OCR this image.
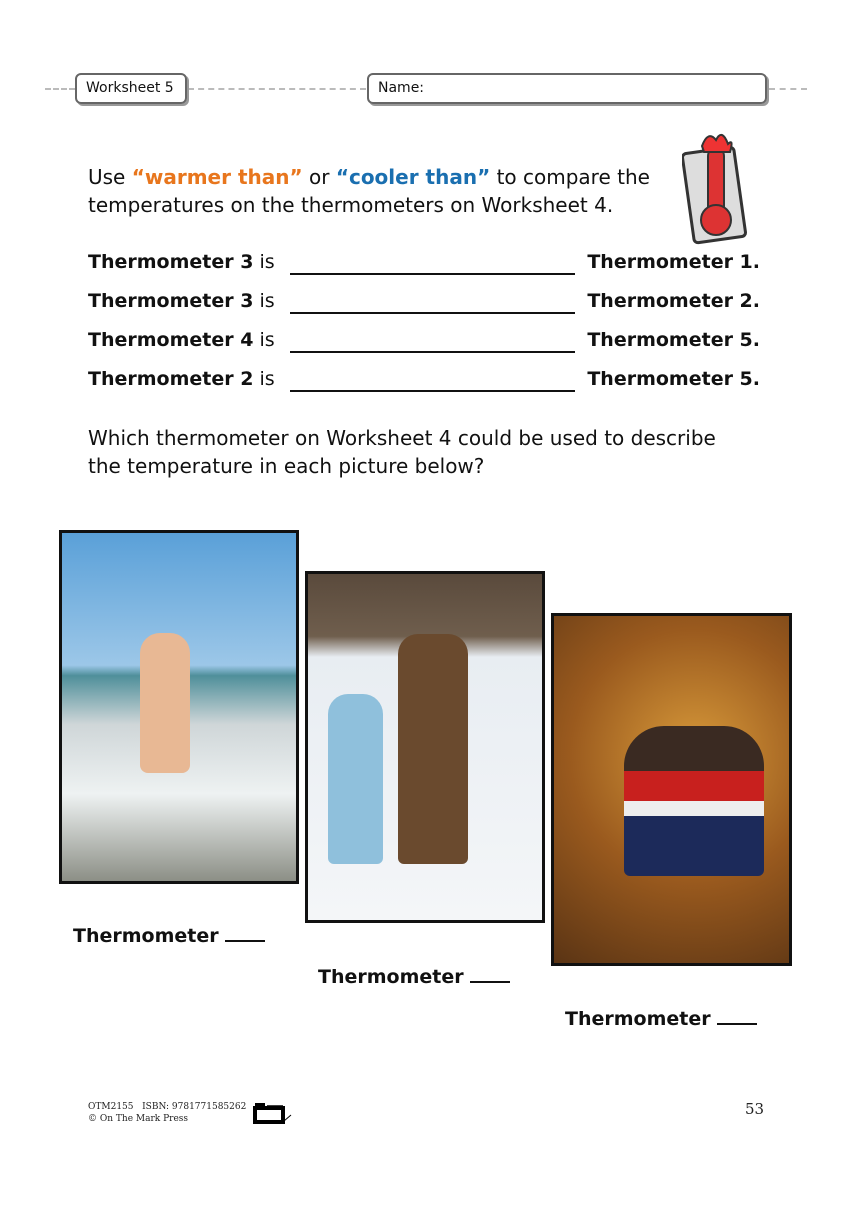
Worksheet 5	Name:
Use “warmer than” or “cooler than” to compare the
temperatures on the thermometers on Worksheet 4.
Thermometer 3 is	Thermometer 1.
Thermometer 3 is	Thermometer 2.
Thermometer 4 is	Thermometer 5.
Thermometer 2 is	Thermometer 5.
Which thermometer on Worksheet 4 could be used to describe
the temperature in each picture below?
Thermometer
Thermometer
Thermometer
OTM2155 ISBN: 9781771585262
© On The Mark Press
53
